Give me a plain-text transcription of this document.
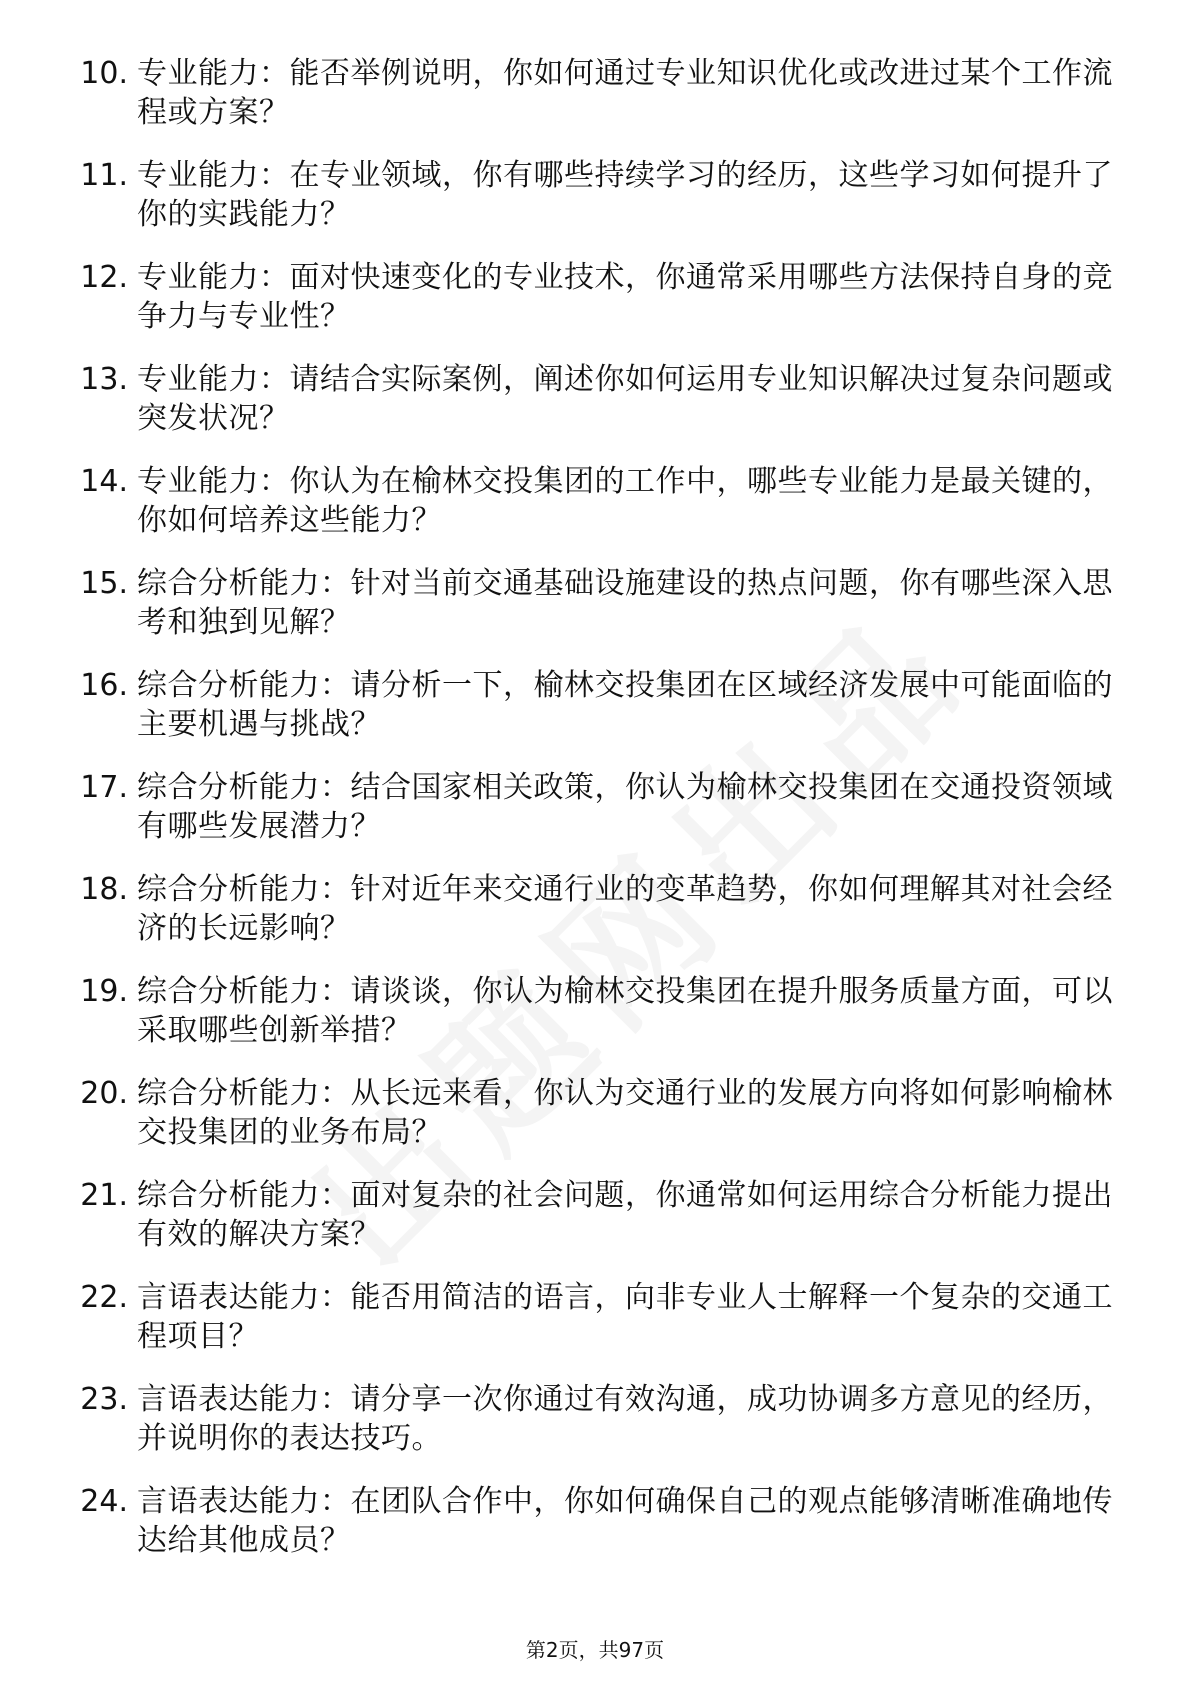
10. 专业能力：能否举例说明，你如何通过专业知识优化或改进过某个工作流程或方案？
11. 专业能力：在专业领域，你有哪些持续学习的经历，这些学习如何提升了你的实践能力？
12. 专业能力：面对快速变化的专业技术，你通常采用哪些方法保持自身的竞争力与专业性？
13. 专业能力：请结合实际案例，阐述你如何运用专业知识解决过复杂问题或突发状况？
14. 专业能力：你认为在榆林交投集团的工作中，哪些专业能力是最关键的，你如何培养这些能力？
15. 综合分析能力：针对当前交通基础设施建设的热点问题，你有哪些深入思考和独到见解？
16. 综合分析能力：请分析一下，榆林交投集团在区域经济发展中可能面临的主要机遇与挑战？
17. 综合分析能力：结合国家相关政策，你认为榆林交投集团在交通投资领域有哪些发展潜力？
18. 综合分析能力：针对近年来交通行业的变革趋势，你如何理解其对社会经济的长远影响？
19. 综合分析能力：请谈谈，你认为榆林交投集团在提升服务质量方面，可以采取哪些创新举措？
20. 综合分析能力：从长远来看，你认为交通行业的发展方向将如何影响榆林交投集团的业务布局？
21. 综合分析能力：面对复杂的社会问题，你通常如何运用综合分析能力提出有效的解决方案？
22. 言语表达能力：能否用简洁的语言，向非专业人士解释一个复杂的交通工程项目？
23. 言语表达能力：请分享一次你通过有效沟通，成功协调多方意见的经历，并说明你的表达技巧。
24. 言语表达能力：在团队合作中，你如何确保自己的观点能够清晰准确地传达给其他成员？
第2页，共97页
